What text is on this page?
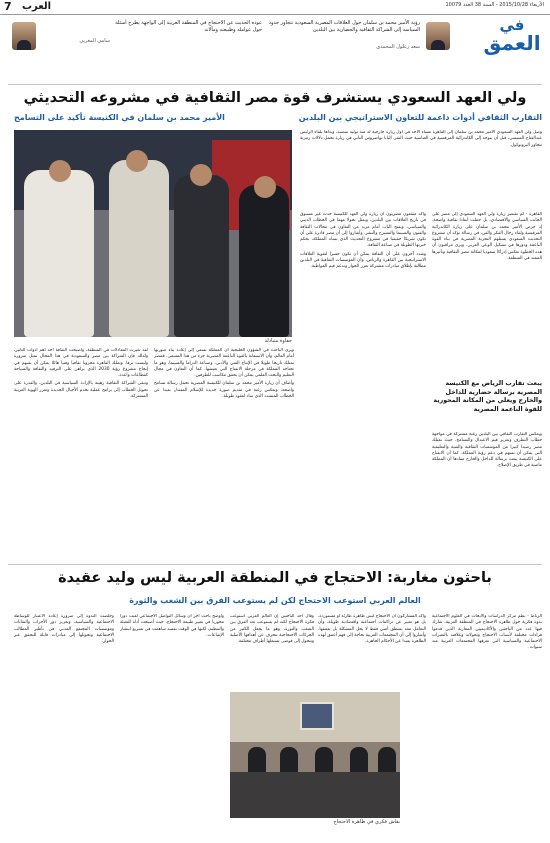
7 العرب	الأربعاء 2015/10/28 - السنة 38 العدد 10079
في
العمق
سعد زغلول المحمدي
رؤية الأمير محمد بن سلمان حول العلاقات المصرية السعودية تتجاوز حدود السياسة إلى الشراكة الثقافية والحضارية بين البلدين
سامي المغربي
عودة الحديث عن الاحتجاج في المنطقة العربية إلى الواجهة يطرح أسئلة حول عوامله وطبيعته ومآلاته
ولي العهد السعودي يستشرف قوة مصر الثقافية في مشروعه التحديثي
التقارب الثقافي أدوات داعمة للتعاون الاستراتيجي بين البلدين
الأمير محمد بن سلمان في الكنيسة تأكيد على التسامح
حفاوة متبادلة
وصل ولي العهد السعودي الأمير محمد بن سلمان إلى القاهرة مساء الأحد في أول زيارة خارجية له منذ توليه منصبه، وبدأها بلقاء الرئيس عبدالفتاح السيسي، قبل أن يتوجه إلى الكاتدرائية المرقسية في العباسية حيث التقى البابا تواضروس الثاني في زيارة تحمل دلالات رمزية تتجاوز البروتوكول.

القاهرة - لم تقتصر زيارة ولي العهد السعودي إلى مصر على الجانب السياسي والاقتصادي، بل حملت أبعادا ثقافية واضحة، إذ حرص الأمير محمد بن سلمان على زيارة الكاتدرائية المرقسية ولقاء رجال الفكر والفن، في رسالة تؤكد أن مشروع التحديث السعودي يستلهم التجربة المصرية في بناء القوة الناعمة ودورها في تشكيل الوعي العربي. ويرى مراقبون أن هذه الخطوة تعكس إدراكا سعوديا لمكانة مصر الثقافية وتأثيرها الممتد في المنطقة.

يبعث تقارب الرياض مع الكنيسة المصرية برسالة حضارية للداخل والخارج ويعلي من المكانة المحورية للقوة الناعمة المصرية

ويعكس التقارب الثقافي بين البلدين رغبة مشتركة في مواجهة خطاب التطرف وتعزيز قيم الاعتدال والتسامح، حيث تمتلك مصر رصيدا كبيرا من المؤسسات الثقافية والفنية والتعليمية التي يمكن أن تسهم في دعم رؤية المملكة. كما أن الانفتاح على الكنيسة يبعث برسالة للداخل والخارج مفادها أن المملكة ماضية في طريق الإصلاح.

وأكد مثقفون مصريون أن زيارة ولي العهد للكنيسة حدث غير مسبوق في تاريخ العلاقات بين البلدين، ويمثل تحولا مهما في الخطاب الديني والسياسي، ويفتح الباب أمام مزيد من التعاون في مجالات الثقافة والفنون والسينما والمسرح والنشر. وأشاروا إلى أن مصر قادرة على أن تكون شريكا حقيقيا في مشروع التحديث الذي تتبناه المملكة، بحكم خبرتها الطويلة في صناعة الثقافة.

وشدد آخرون على أن الثقافة يمكن أن تكون جسرا لتقوية العلاقات الاستراتيجية بين القاهرة والرياض، وأن المؤسسات الثقافية في البلدين مطالبة بإطلاق مبادرات مشتركة تعزز الحوار وتدعم قيم المواطنة.

ويرى الباحث في الشؤون الخليجية أن المملكة تسعى إلى إعادة بناء صورتها أمام العالم، وأن الاستعانة بالقوة الناعمة المصرية جزء من هذا المسعى. فمصر تمتلك تاريخا طويلا في الإنتاج الفني والأدبي، وصناعة الدراما والسينما، وهو ما تحتاجه المملكة في مرحلة الانفتاح التي تعيشها. كما أن التعاون في مجال التعليم والبحث العلمي يمكن أن يحقق مكاسب للطرفين.

وأضاف أن زيارة الأمير محمد بن سلمان للكنيسة المصرية تحمل رسالة تسامح واضحة، وتعكس رغبة في تقديم صورة جديدة للإسلام المعتدل بعيدا عن الخطاب المتشدد الذي ساد لعقود طويلة.

لقد تغيرت المعادلات في المنطقة، وأصبحت الثقافة أحد أهم أدوات التأثير، ولذلك فإن الشراكة بين مصر والسعودية في هذا المجال تمثل ضرورة وليست ترفا. وتملك القاهرة مخزونا ثقافيا وفنيا هائلا يمكن أن يسهم في إنجاح مشروع رؤية 2030 الذي يراهن على الترفيه والثقافة والسياحة كقطاعات واعدة.

وتبقى الشراكة الثقافية رهينة بالإرادة السياسية في البلدين، والقدرة على تحويل الخطاب إلى برامج عملية تخدم الأجيال الجديدة وتعزز الهوية العربية المشتركة.

باحثون مغاربة: الاحتجاج في المنطقة العربية ليس وليد عقيدة
العالم العربي استوعب الاحتجاج لكن لم يستوعب الفرق بين الشغب والثورة

الرباط - نظم مركز الدراسات والأبحاث في العلوم الاجتماعية ندوة فكرية حول ظاهرة الاحتجاج في المنطقة العربية، شارك فيها عدد من الباحثين والأكاديميين المغاربة الذين قدموا قراءات مختلفة لأسباب الاحتجاج وتحولاته وعلاقته بالتغيرات الاجتماعية والسياسية التي تعرفها المجتمعات العربية منذ سنوات.

وأكد المشاركون أن الاحتجاج ليس ظاهرة طارئة أو مستوردة، بل هو تعبير عن تراكمات اجتماعية واقتصادية طويلة، وأن التعامل معه بمنطق أمني فقط لا يحل المشكلة بل يعمقها. وأشاروا إلى أن المجتمعات العربية بحاجة إلى فهم أعمق لهذه الظاهرة بعيدا عن الأحكام الجاهزة.

وقال أحد الباحثين إن العالم العربي استوعب فكرة الاحتجاج لكنه لم يستوعب بعد الفرق بين الشغب والثورة، وهو ما يجعل الكثير من الحركات الاحتجاجية تنحرف عن أهدافها الأصلية وتتحول إلى فوضى تستغلها أطراف مختلفة.

وأوضح باحث آخر أن وسائل التواصل الاجتماعي لعبت دورا محوريا في تغيير طبيعة الاحتجاج، حيث أصبحت أداة للتعبئة والتنظيم، لكنها في الوقت نفسه ساهمت في تسريع انتشار الإشاعات.

وخلصت الندوة إلى ضرورة إعادة الاعتبار للوساطة الاجتماعية والسياسية، وتعزيز دور الأحزاب والنقابات ومؤسسات المجتمع المدني في تأطير المطالب الاجتماعية وتحويلها إلى مبادرات قابلة للتحقق عبر الحوار.

نقاش فكري في ظاهرة الاحتجاج
